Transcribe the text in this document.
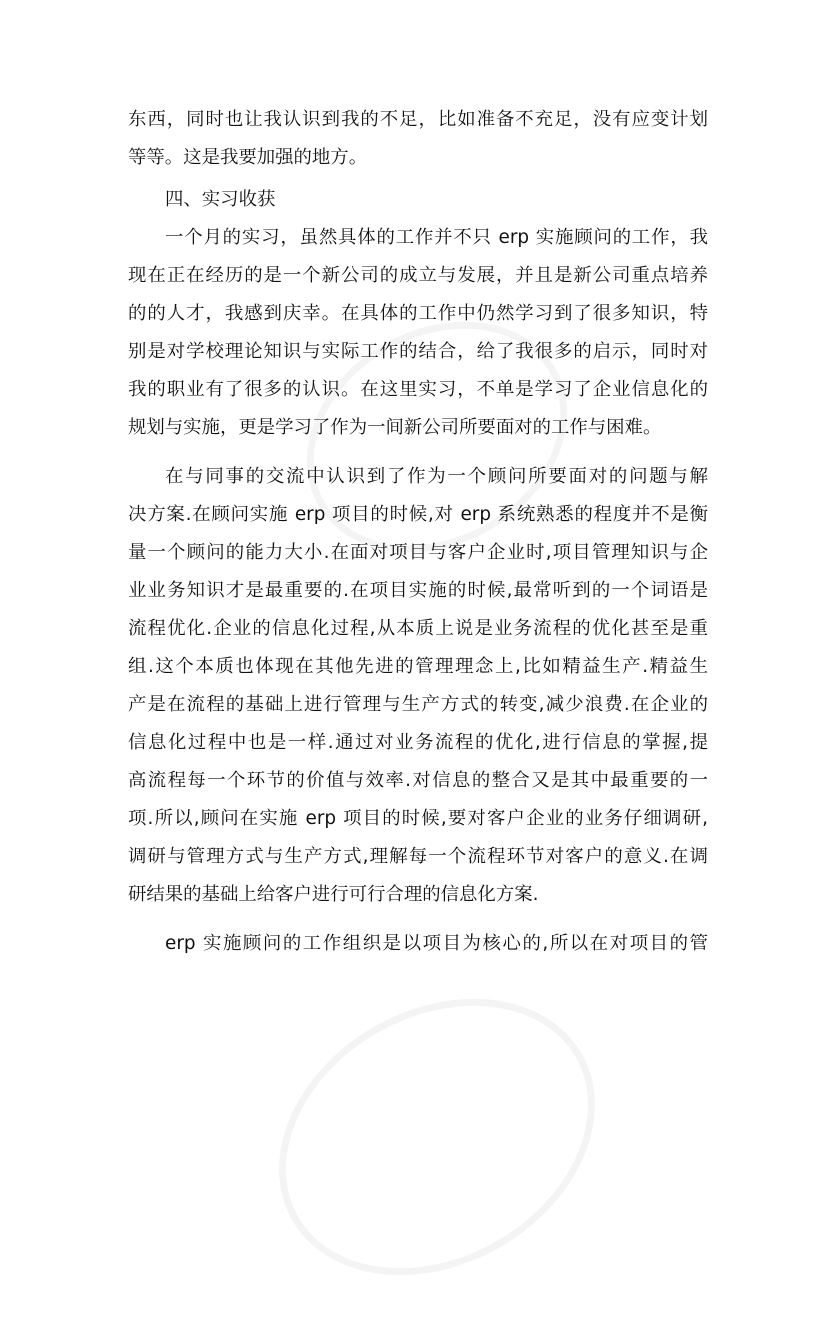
东西，同时也让我认识到我的不足，比如准备不充足，没有应变计划
等等。这是我要加强的地方。
四、实习收获
一个月的实习，虽然具体的工作并不只 erp 实施顾问的工作，我
现在正在经历的是一个新公司的成立与发展，并且是新公司重点培养
的的人才，我感到庆幸。在具体的工作中仍然学习到了很多知识，特
别是对学校理论知识与实际工作的结合，给了我很多的启示，同时对
我的职业有了很多的认识。在这里实习，不单是学习了企业信息化的
规划与实施，更是学习了作为一间新公司所要面对的工作与困难。
在与同事的交流中认识到了作为一个顾问所要面对的问题与解
决方案.在顾问实施 erp 项目的时候,对 erp 系统熟悉的程度并不是衡
量一个顾问的能力大小.在面对项目与客户企业时,项目管理知识与企
业业务知识才是最重要的.在项目实施的时候,最常听到的一个词语是
流程优化.企业的信息化过程,从本质上说是业务流程的优化甚至是重
组.这个本质也体现在其他先进的管理理念上,比如精益生产.精益生
产是在流程的基础上进行管理与生产方式的转变,减少浪费.在企业的
信息化过程中也是一样.通过对业务流程的优化,进行信息的掌握,提
高流程每一个环节的价值与效率.对信息的整合又是其中最重要的一
项.所以,顾问在实施 erp 项目的时候,要对客户企业的业务仔细调研,
调研与管理方式与生产方式,理解每一个流程环节对客户的意义.在调
研结果的基础上给客户进行可行合理的信息化方案.
erp 实施顾问的工作组织是以项目为核心的,所以在对项目的管
